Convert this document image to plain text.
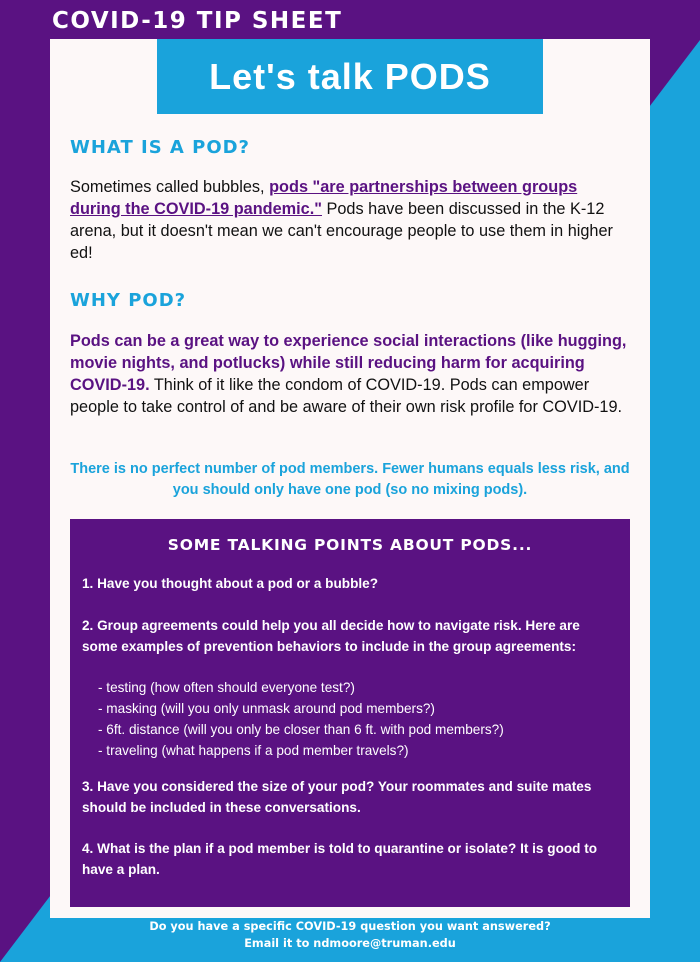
COVID-19 TIP SHEET
Let's talk PODS
WHAT IS A POD?

Sometimes called bubbles, pods "are partnerships between groups during the COVID-19 pandemic." Pods have been discussed in the K-12 arena, but it doesn't mean we can't encourage people to use them in higher ed!

WHY POD?

Pods can be a great way to experience social interactions (like hugging, movie nights, and potlucks) while still reducing harm for acquiring COVID-19. Think of it like the condom of COVID-19. Pods can empower people to take control of and be aware of their own risk profile for COVID-19.

There is no perfect number of pod members. Fewer humans equals less risk, and you should only have one pod (so no mixing pods).

SOME TALKING POINTS ABOUT PODS...

1. Have you thought about a pod or a bubble?

2. Group agreements could help you all decide how to navigate risk. Here are some examples of prevention behaviors to include in the group agreements:

- testing (how often should everyone test?)

- masking (will you only unmask around pod members?)

- 6ft. distance (will you only be closer than 6 ft. with pod members?)

- traveling (what happens if a pod member travels?)

3. Have you considered the size of your pod? Your roommates and suite mates should be included in these conversations.

4. What is the plan if a pod member is told to quarantine or isolate? It is good to have a plan.

Do you have a specific COVID-19 question you want answered?
Email it to ndmoore@truman.edu
